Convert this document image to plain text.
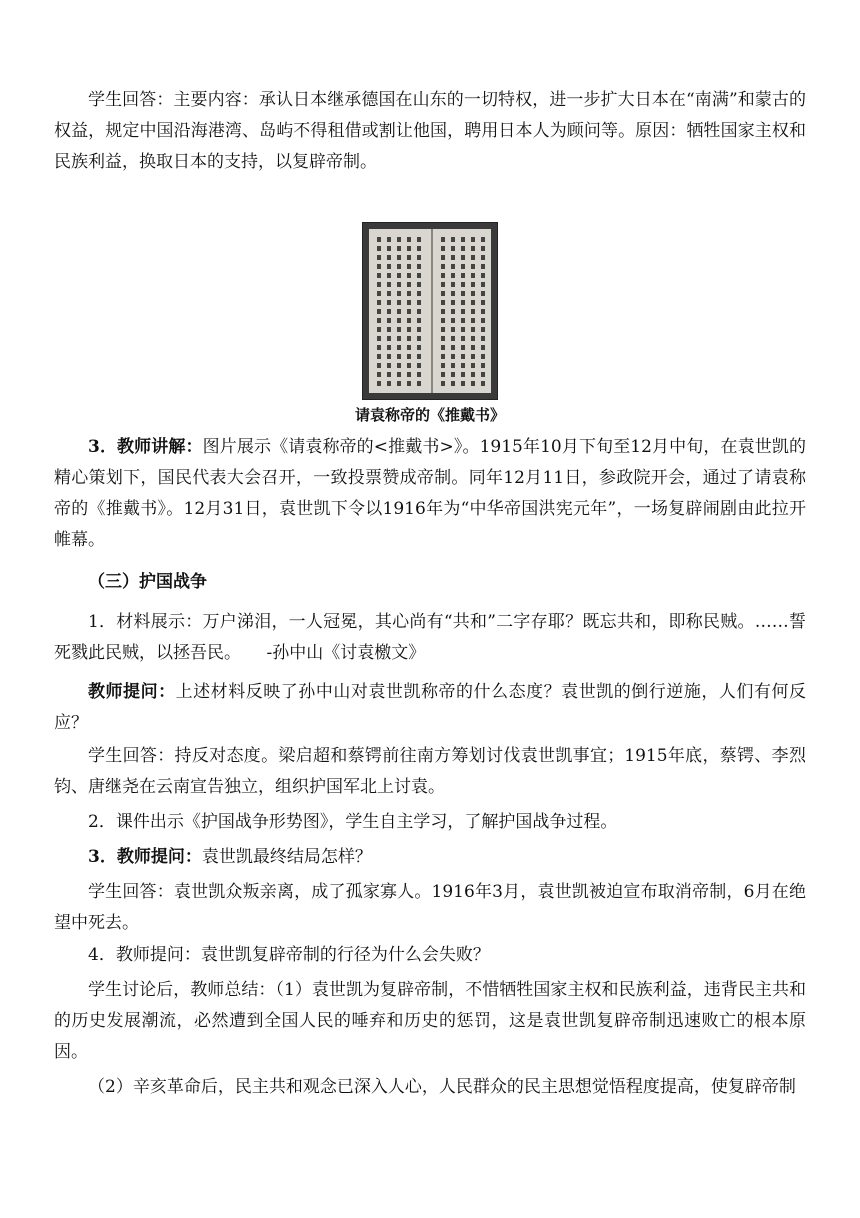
学生回答：主要内容：承认日本继承德国在山东的一切特权，进一步扩大日本在“南满”和蒙古的权益，规定中国沿海港湾、岛屿不得租借或割让他国，聘用日本人为顾问等。原因：牺牲国家主权和民族利益，换取日本的支持，以复辟帝制。

请袁称帝的《推戴书》

3．教师讲解：图片展示《请袁称帝的<推戴书>》。1915年10月下旬至12月中旬，在袁世凯的精心策划下，国民代表大会召开，一致投票赞成帝制。同年12月11日，参政院开会，通过了请袁称帝的《推戴书》。12月31日，袁世凯下令以1916年为“中华帝国洪宪元年”，一场复辟闹剧由此拉开帷幕。

（三）护国战争

1．材料展示：万户涕泪，一人冠冕，其心尚有“共和”二字存耶？既忘共和，即称民贼。……誓死戮此民贼，以拯吾民。　　-孙中山《讨袁檄文》

教师提问：上述材料反映了孙中山对袁世凯称帝的什么态度？袁世凯的倒行逆施，人们有何反应？

学生回答：持反对态度。梁启超和蔡锷前往南方筹划讨伐袁世凯事宜；1915年底，蔡锷、李烈钧、唐继尧在云南宣告独立，组织护国军北上讨袁。

2．课件出示《护国战争形势图》，学生自主学习，了解护国战争过程。

3．教师提问：袁世凯最终结局怎样？

学生回答：袁世凯众叛亲离，成了孤家寡人。1916年3月，袁世凯被迫宣布取消帝制，6月在绝望中死去。

4．教师提问：袁世凯复辟帝制的行径为什么会失败？

学生讨论后，教师总结：（1）袁世凯为复辟帝制，不惜牺牲国家主权和民族利益，违背民主共和的历史发展潮流，必然遭到全国人民的唾弃和历史的惩罚，这是袁世凯复辟帝制迅速败亡的根本原因。

（2）辛亥革命后，民主共和观念已深入人心，人民群众的民主思想觉悟程度提高，使复辟帝制
